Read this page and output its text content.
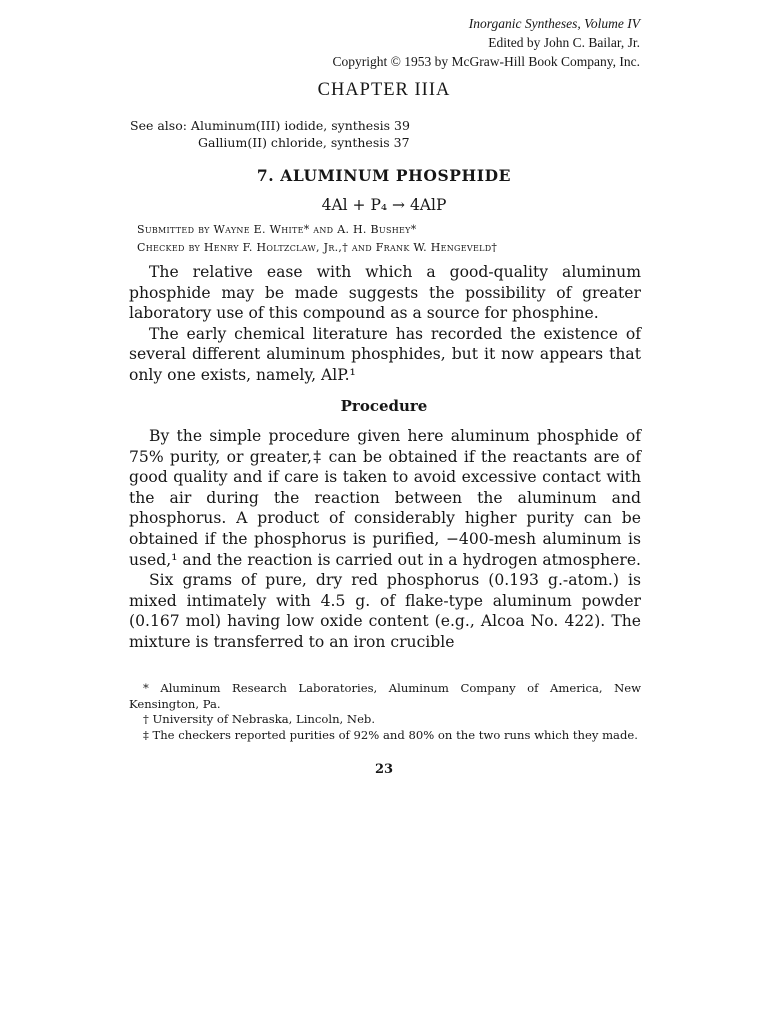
Inorganic Syntheses, Volume IV
Edited by John C. Bailar, Jr.
Copyright © 1953 by McGraw-Hill Book Company, Inc.
CHAPTER IIIA
See also: Aluminum(III) iodide, synthesis 39
Gallium(II) chloride, synthesis 37
7. ALUMINUM PHOSPHIDE
4Al + P₄ → 4AlP
Submitted by Wayne E. White* and A. H. Bushey*
Checked by Henry F. Holtzclaw, Jr.,† and Frank W. Hengeveld†

The relative ease with which a good-quality aluminum phosphide may be made suggests the possibility of greater laboratory use of this compound as a source for phosphine.

The early chemical literature has recorded the existence of several different aluminum phosphides, but it now appears that only one exists, namely, AlP.¹

Procedure

By the simple procedure given here aluminum phosphide of 75% purity, or greater,‡ can be obtained if the reactants are of good quality and if care is taken to avoid excessive contact with the air during the reaction between the aluminum and phosphorus. A product of considerably higher purity can be obtained if the phosphorus is purified, −400-mesh aluminum is used,¹ and the reaction is carried out in a hydrogen atmosphere.

Six grams of pure, dry red phosphorus (0.193 g.-atom.) is mixed intimately with 4.5 g. of flake-type aluminum powder (0.167 mol) having low oxide content (e.g., Alcoa No. 422). The mixture is transferred to an iron crucible

* Aluminum Research Laboratories, Aluminum Company of America, New Kensington, Pa.

† University of Nebraska, Lincoln, Neb.

‡ The checkers reported purities of 92% and 80% on the two runs which they made.

23
